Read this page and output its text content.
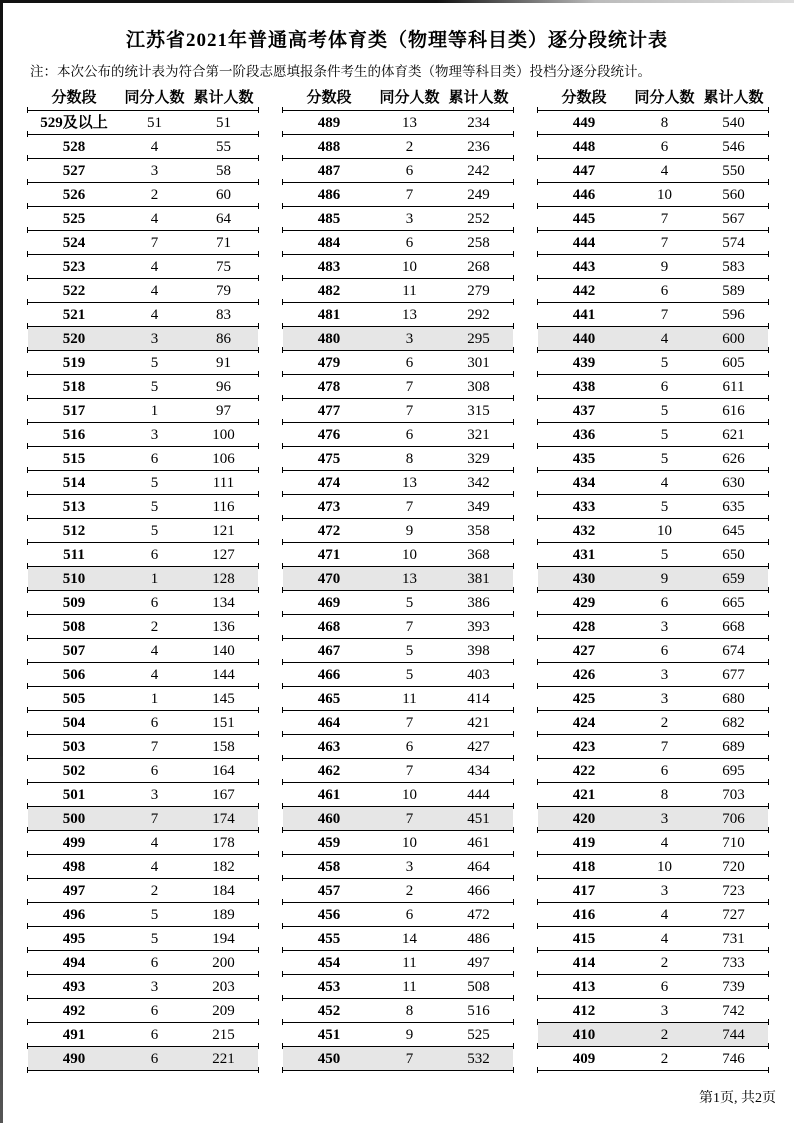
江苏省2021年普通高考体育类（物理等科目类）逐分段统计表
注：本次公布的统计表为符合第一阶段志愿填报条件考生的体育类（物理等科目类）投档分逐分段统计。
分数段	同分人数 累计人数
529及以上	51	51
528	4	55
527	3	58
526	2	60
525	4	64
524	7	71
523	4	75
522	4	79
521	4	83
520	3	86
519	5	91
518	5	96
517	1	97
516	3	100
515	6	106
514	5	111
513	5	116
512	5	121
511	6	127
510	1	128
509	6	134
508	2	136
507	4	140
506	4	144
505	1	145
504	6	151
503	7	158
502	6	164
501	3	167
500	7	174
499	4	178
498	4	182
497	2	184
496	5	189
495	5	194
494	6	200
493	3	203
492	6	209
491	6	215
490	6	221
分数段	同分人数 累计人数
489	13	234
488	2	236
487	6	242
486	7	249
485	3	252
484	6	258
483	10	268
482	11	279
481	13	292
480	3	295
479	6	301
478	7	308
477	7	315
476	6	321
475	8	329
474	13	342
473	7	349
472	9	358
471	10	368
470	13	381
469	5	386
468	7	393
467	5	398
466	5	403
465	11	414
464	7	421
463	6	427
462	7	434
461	10	444
460	7	451
459	10	461
458	3	464
457	2	466
456	6	472
455	14	486
454	11	497
453	11	508
452	8	516
451	9	525
450	7	532
分数段	同分人数 累计人数
449	8	540
448	6	546
447	4	550
446	10	560
445	7	567
444	7	574
443	9	583
442	6	589
441	7	596
440	4	600
439	5	605
438	6	611
437	5	616
436	5	621
435	5	626
434	4	630
433	5	635
432	10	645
431	5	650
430	9	659
429	6	665
428	3	668
427	6	674
426	3	677
425	3	680
424	2	682
423	7	689
422	6	695
421	8	703
420	3	706
419	4	710
418	10	720
417	3	723
416	4	727
415	4	731
414	2	733
413	6	739
412	3	742
410	2	744
409	2	746
第1页, 共2页
